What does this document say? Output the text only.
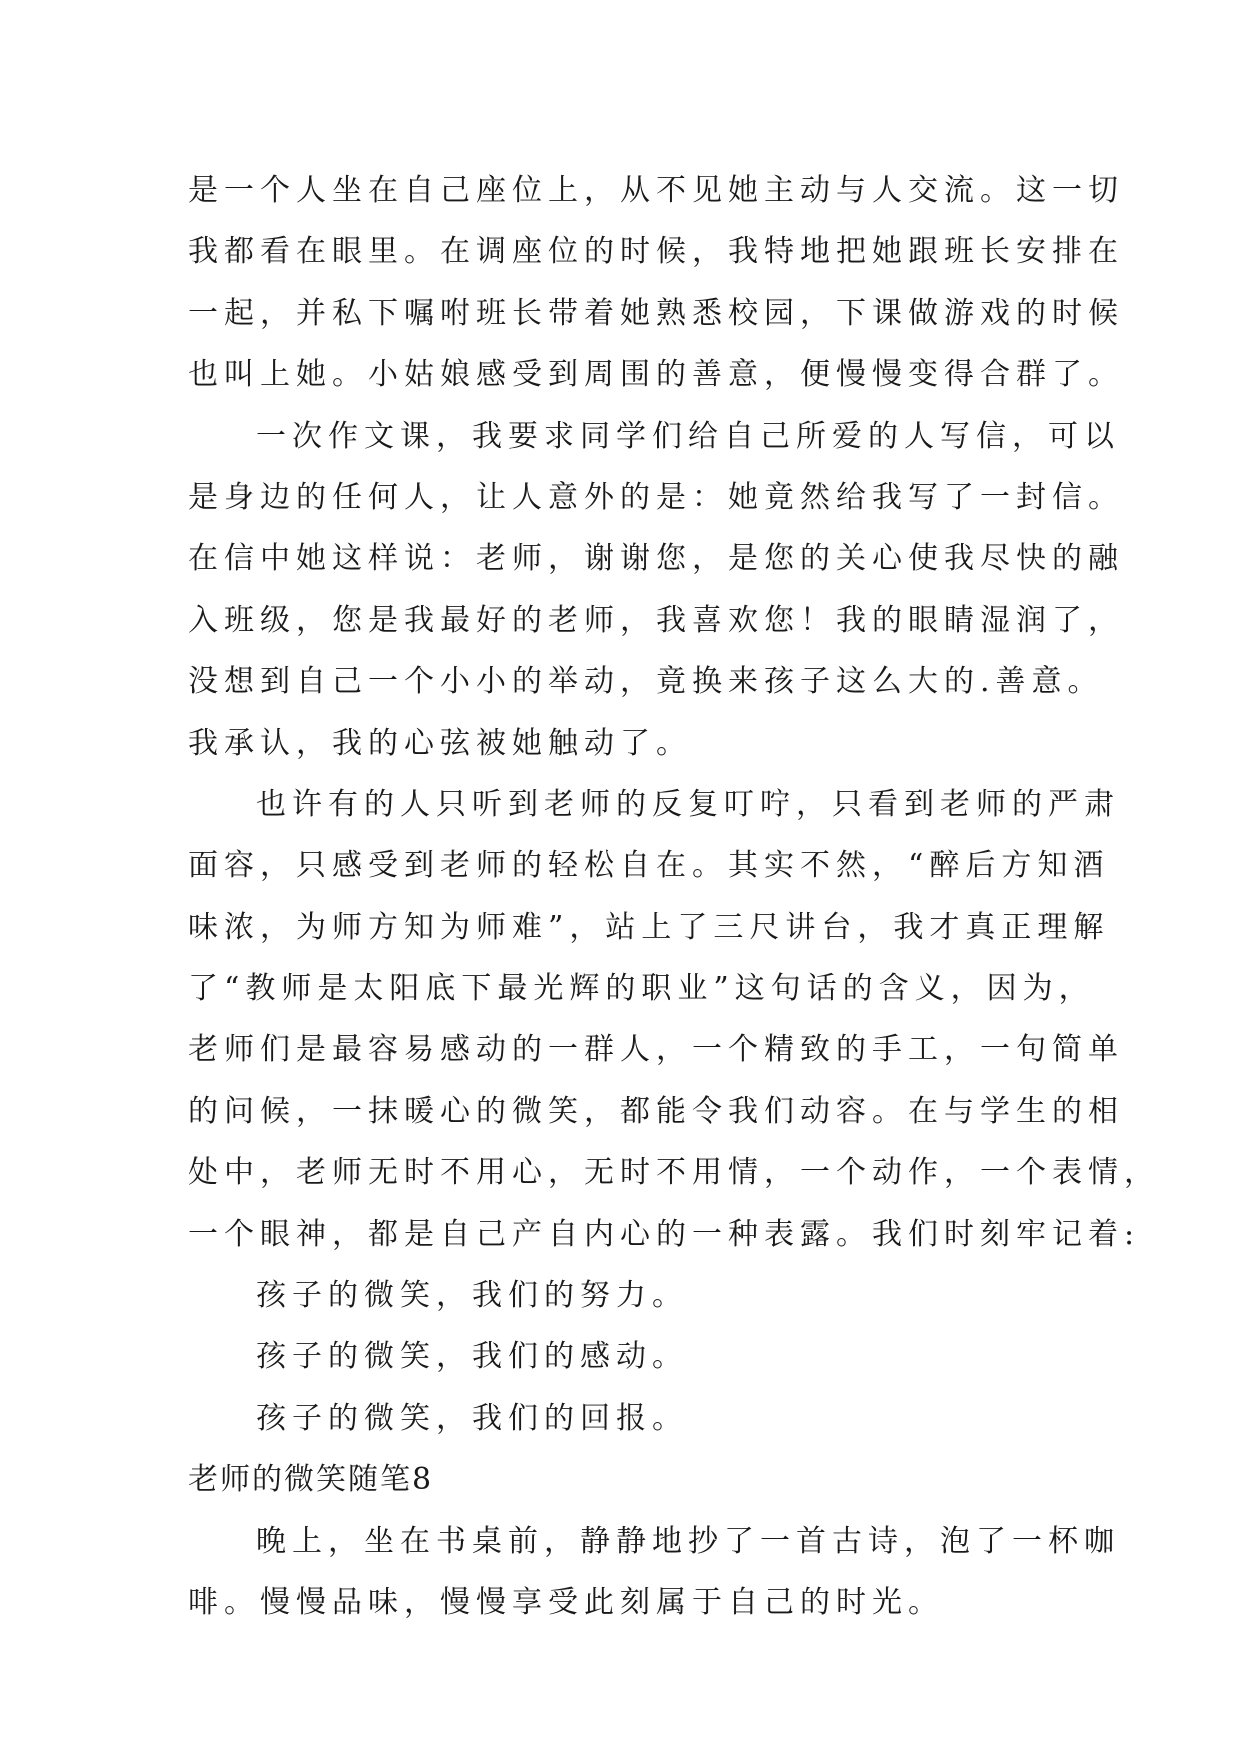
是一个人坐在自己座位上，从不见她主动与人交流。这一切

我都看在眼里。在调座位的时候，我特地把她跟班长安排在

一起，并私下嘱咐班长带着她熟悉校园，下课做游戏的时候

也叫上她。小姑娘感受到周围的善意，便慢慢变得合群了。

一次作文课，我要求同学们给自己所爱的人写信，可以

是身边的任何人，让人意外的是：她竟然给我写了一封信。

在信中她这样说：老师，谢谢您，是您的关心使我尽快的融

入班级，您是我最好的老师，我喜欢您！我的眼睛湿润了，

没想到自己一个小小的举动，竟换来孩子这么大的.善意。

我承认，我的心弦被她触动了。

也许有的人只听到老师的反复叮咛，只看到老师的严肃

面容，只感受到老师的轻松自在。其实不然，“醉后方知酒

味浓，为师方知为师难”，站上了三尺讲台，我才真正理解

了“教师是太阳底下最光辉的职业”这句话的含义，因为，

老师们是最容易感动的一群人，一个精致的手工，一句简单

的问候，一抹暖心的微笑，都能令我们动容。在与学生的相

处中，老师无时不用心，无时不用情，一个动作，一个表情，

一个眼神，都是自己产自内心的一种表露。我们时刻牢记着:

孩子的微笑，我们的努力。

孩子的微笑，我们的感动。

孩子的微笑，我们的回报。

老师的微笑随笔8

晚上，坐在书桌前，静静地抄了一首古诗，泡了一杯咖

啡。慢慢品味，慢慢享受此刻属于自己的时光。
